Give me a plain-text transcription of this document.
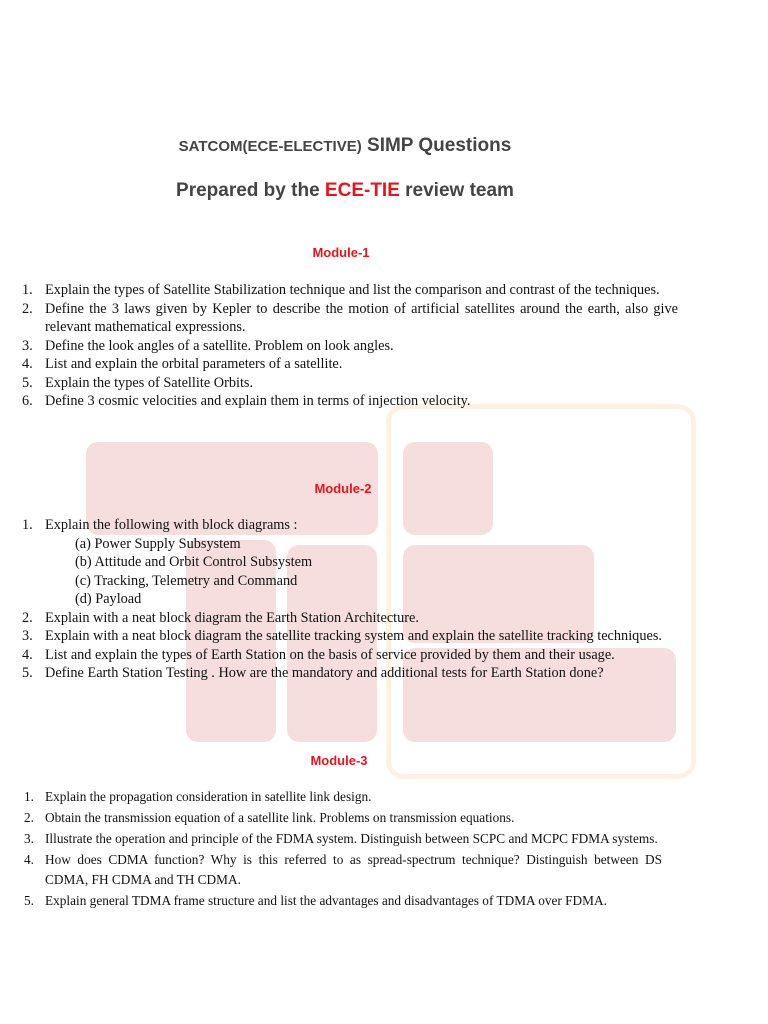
SATCOM(ECE-ELECTIVE) SIMP Questions
Prepared by the ECE-TIE review team
Module-1
1. Explain the types of Satellite Stabilization technique and list the comparison and contrast of the techniques.
2. Define the 3 laws given by Kepler to describe the motion of artificial satellites around the earth, also give relevant mathematical expressions.
3. Define the look angles of a satellite. Problem on look angles.
4. List and explain the orbital parameters of a satellite.
5. Explain the types of Satellite Orbits.
6. Define 3 cosmic velocities and explain them in terms of injection velocity.
Module-2
1. Explain the following with block diagrams :
(a) Power Supply Subsystem
(b) Attitude and Orbit Control Subsystem
(c) Tracking, Telemetry and Command
(d) Payload
2. Explain with a neat block diagram the Earth Station Architecture.
3. Explain with a neat block diagram the satellite tracking system and explain the satellite tracking techniques.
4. List and explain the types of Earth Station on the basis of service provided by them and their usage.
5. Define Earth Station Testing . How are the mandatory and additional tests for Earth Station done?
Module-3
1. Explain the propagation consideration in satellite link design.
2. Obtain the transmission equation of a satellite link. Problems on transmission equations.
3. Illustrate the operation and principle of the FDMA system. Distinguish between SCPC and MCPC FDMA systems.
4. How does CDMA function? Why is this referred to as spread-spectrum technique? Distinguish between DS CDMA, FH CDMA and TH CDMA.
5. Explain general TDMA frame structure and list the advantages and disadvantages of TDMA over FDMA.
